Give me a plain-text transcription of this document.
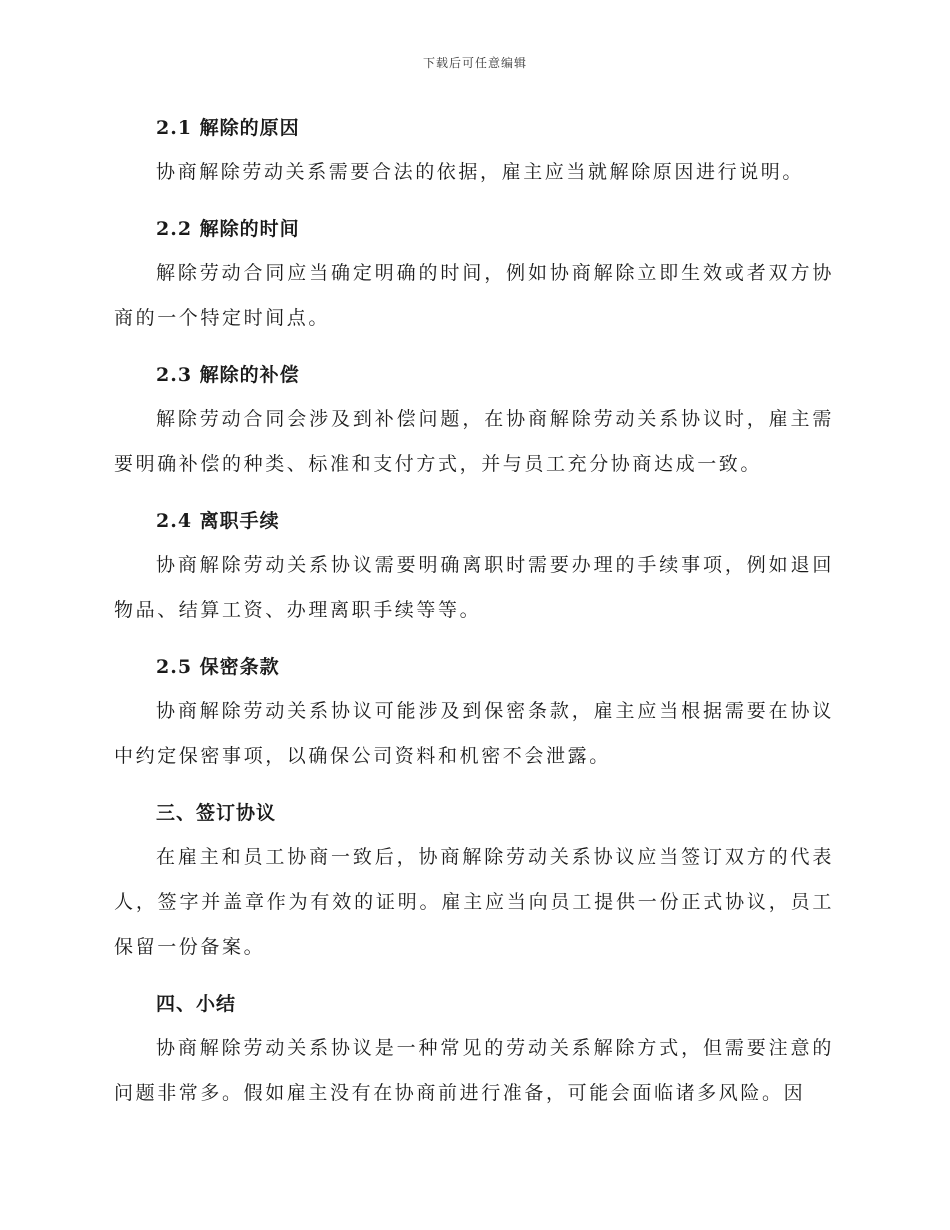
下载后可任意编辑
2.1 解除的原因

协商解除劳动关系需要合法的依据，雇主应当就解除原因进行说明。

2.2 解除的时间

解除劳动合同应当确定明确的时间，例如协商解除立即生效或者双方协商的一个特定时间点。

2.3 解除的补偿

解除劳动合同会涉及到补偿问题，在协商解除劳动关系协议时，雇主需要明确补偿的种类、标准和支付方式，并与员工充分协商达成一致。

2.4 离职手续

协商解除劳动关系协议需要明确离职时需要办理的手续事项，例如退回物品、结算工资、办理离职手续等等。

2.5 保密条款

协商解除劳动关系协议可能涉及到保密条款，雇主应当根据需要在协议中约定保密事项，以确保公司资料和机密不会泄露。

三、签订协议

在雇主和员工协商一致后，协商解除劳动关系协议应当签订双方的代表人，签字并盖章作为有效的证明。雇主应当向员工提供一份正式协议，员工保留一份备案。

四、小结

协商解除劳动关系协议是一种常见的劳动关系解除方式，但需要注意的问题非常多。假如雇主没有在协商前进行准备，可能会面临诸多风险。因
